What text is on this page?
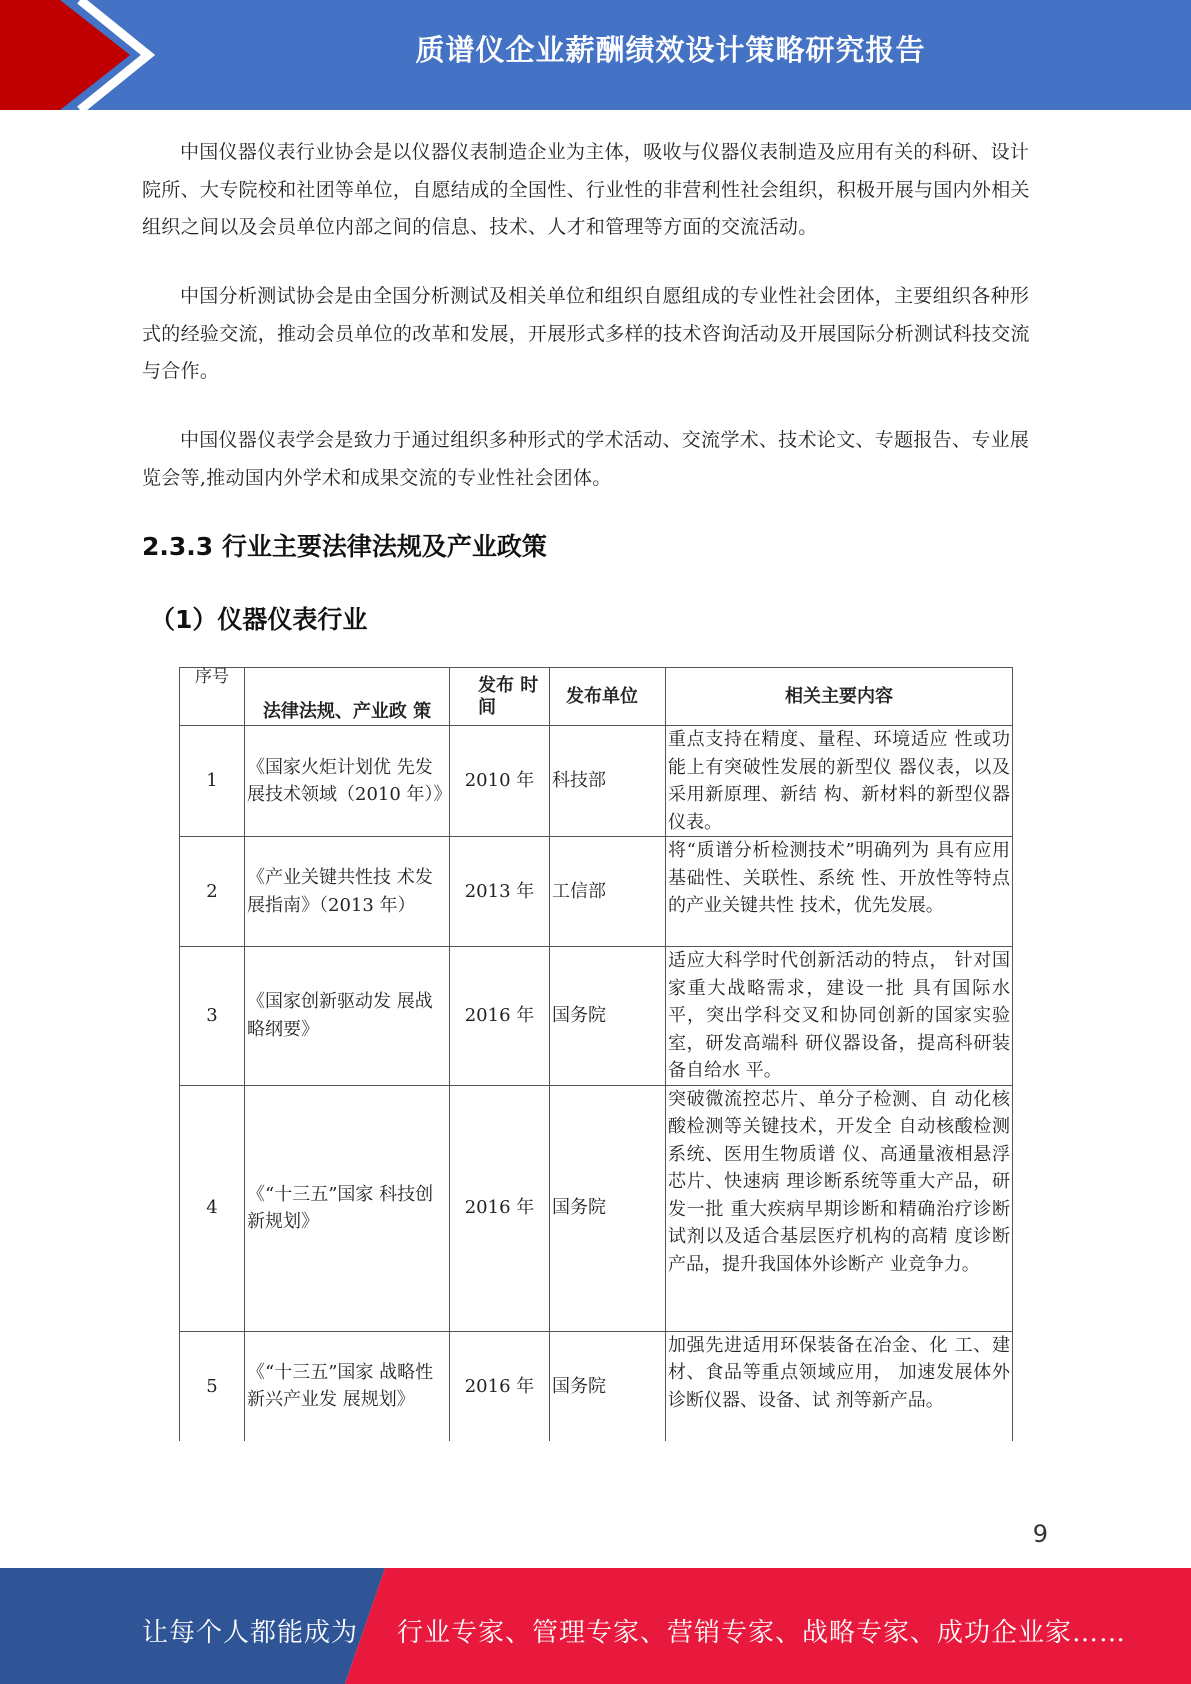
质谱仪企业薪酬绩效设计策略研究报告

中国仪器仪表行业协会是以仪器仪表制造企业为主体，吸收与仪器仪表制造及应用有关的科研、设计院所、大专院校和社团等单位，自愿结成的全国性、行业性的非营利性社会组织，积极开展与国内外相关组织之间以及会员单位内部之间的信息、技术、人才和管理等方面的交流活动。

中国分析测试协会是由全国分析测试及相关单位和组织自愿组成的专业性社会团体，主要组织各种形式的经验交流，推动会员单位的改革和发展，开展形式多样的技术咨询活动及开展国际分析测试科技交流与合作。

中国仪器仪表学会是致力于通过组织多种形式的学术活动、交流学术、技术论文、专题报告、专业展览会等,推动国内外学术和成果交流的专业性社会团体。

2.3.3 行业主要法律法规及产业政策
（1）仪器仪表行业
序号	法律法规、产业政 策	发布 时间	发布单位	相关主要内容
1	《国家火炬计划优 先发展技术领域（2010 年）》	2010 年	科技部	重点支持在精度、量程、环境适应 性或功能上有突破性发展的新型仪 器仪表，以及采用新原理、新结 构、新材料的新型仪器仪表。
2	《产业关键共性技 术发展指南》（2013 年）	2013 年	工信部	将“质谱分析检测技术”明确列为 具有应用基础性、关联性、系统 性、开放性等特点的产业关键共性 技术，优先发展。
3	《国家创新驱动发 展战略纲要》	2016 年	国务院	适应大科学时代创新活动的特点， 针对国家重大战略需求，建设一批 具有国际水平，突出学科交叉和协同创新的国家实验室，研发高端科 研仪器设备，提高科研装备自给水 平。
4	《“十三五”国家 科技创新规划》	2016 年	国务院	突破微流控芯片、单分子检测、自 动化核酸检测等关键技术，开发全 自动核酸检测系统、医用生物质谱 仪、高通量液相悬浮芯片、快速病 理诊断系统等重大产品，研发一批 重大疾病早期诊断和精确治疗诊断 试剂以及适合基层医疗机构的高精 度诊断产品，提升我国体外诊断产 业竞争力。
5	《“十三五”国家 战略性新兴产业发 展规划》	2016 年	国务院	加强先进适用环保装备在冶金、化 工、建材、食品等重点领域应用， 加速发展体外诊断仪器、设备、试 剂等新产品。
9
让每个人都能成为 行业专家、管理专家、营销专家、战略专家、成功企业家……
